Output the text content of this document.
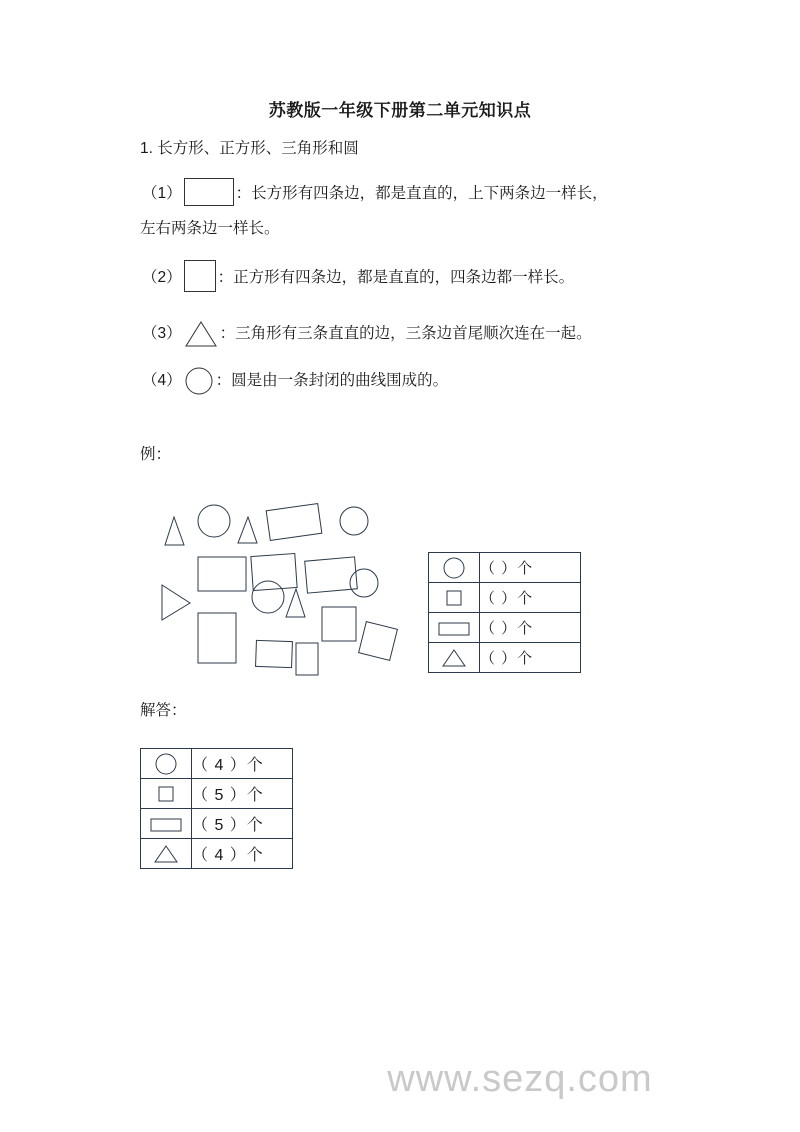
苏教版一年级下册第二单元知识点
1. 长方形、正方形、三角形和圆
（1）	：长方形有四条边，都是直直的，上下两条边一样长，
左右两条边一样长。
（2） ：正方形有四条边，都是直直的，四条边都一样长。
（3） ：三角形有三条直直的边，三条边首尾顺次连在一起。
（4） ：圆是由一条封闭的曲线围成的。
例：
	（ ）个

	（ ）个

	（ ）个

	（ ）个
解答：
	（ 4 ）个

	（ 5 ）个

	（ 5 ）个

	（ 4 ）个
www.sezq.com
